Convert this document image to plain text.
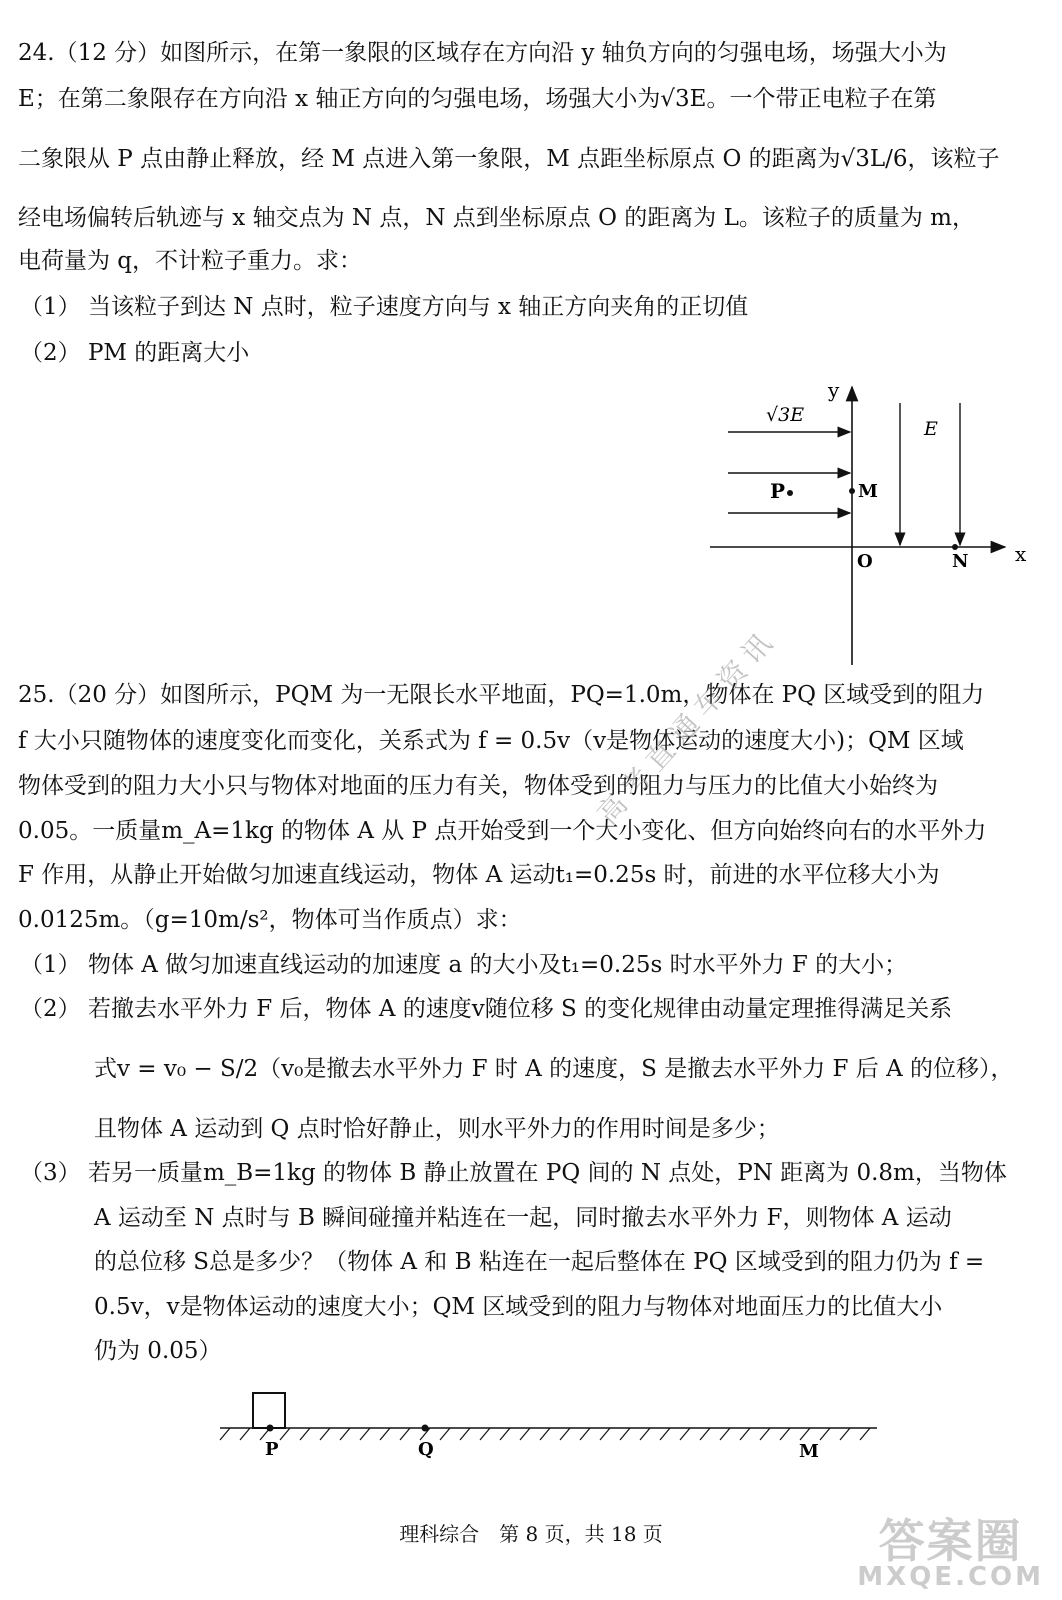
24.（12 分）如图所示，在第一象限的区域存在方向沿 y 轴负方向的匀强电场，场强大小为
E；在第二象限存在方向沿 x 轴正方向的匀强电场，场强大小为√3E。一个带正电粒子在第
二象限从 P 点由静止释放，经 M 点进入第一象限，M 点距坐标原点 O 的距离为√3L/6，该粒子
经电场偏转后轨迹与 x 轴交点为 N 点，N 点到坐标原点 O 的距离为 L。该粒子的质量为 m，
电荷量为 q，不计粒子重力。求：
（1） 当该粒子到达 N 点时，粒子速度方向与 x 轴正方向夹角的正切值
（2） PM 的距离大小
y
x
√3E
E
P	M
O	N
25.（20 分）如图所示，PQM 为一无限长水平地面，PQ=1.0m，物体在 PQ 区域受到的阻力
f 大小只随物体的速度变化而变化，关系式为 f = 0.5v（v是物体运动的速度大小)；QM 区域
物体受到的阻力大小只与物体对地面的压力有关，物体受到的阻力与压力的比值大小始终为
0.05。一质量m_A=1kg 的物体 A 从 P 点开始受到一个大小变化、但方向始终向右的水平外力
F 作用，从静止开始做匀加速直线运动，物体 A 运动t₁=0.25s 时，前进的水平位移大小为
0.0125m。（g=10m/s²，物体可当作质点）求：
（1） 物体 A 做匀加速直线运动的加速度 a 的大小及t₁=0.25s 时水平外力 F 的大小；
（2） 若撤去水平外力 F 后，物体 A 的速度v随位移 S 的变化规律由动量定理推得满足关系
式v = v₀ − S/2（v₀是撤去水平外力 F 时 A 的速度，S 是撤去水平外力 F 后 A 的位移），
且物体 A 运动到 Q 点时恰好静止，则水平外力的作用时间是多少；
（3） 若另一质量m_B=1kg 的物体 B 静止放置在 PQ 间的 N 点处，PN 距离为 0.8m，当物体
A 运动至 N 点时与 B 瞬间碰撞并粘连在一起，同时撤去水平外力 F，则物体 A 运动
的总位移 S总是多少？（物体 A 和 B 粘连在一起后整体在 PQ 区域受到的阻力仍为 f =
0.5v，v是物体运动的速度大小；QM 区域受到的阻力与物体对地面压力的比值大小
仍为 0.05）
P	Q	M
高考直通车资讯
理科综合　第 8 页，共 18 页	答案圈
MXQE.COM
